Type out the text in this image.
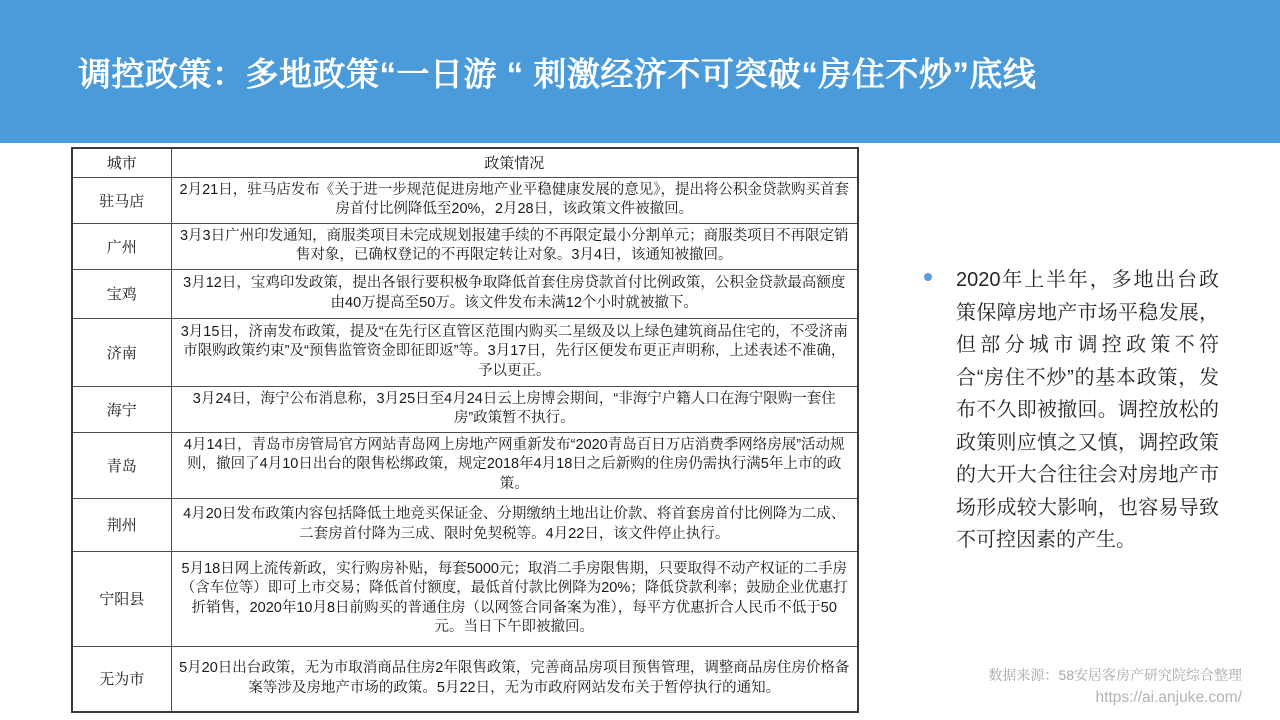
调控政策：多地政策“一日游 “ 刺激经济不可突破“房住不炒”底线
城市	政策情况
驻马店	2月21日，驻马店发布《关于进一步规范促进房地产业平稳健康发展的意见》，提出将公积金贷款购买首套房首付比例降低至20%，2月28日，该政策文件被撤回。
广州	3月3日广州印发通知，商服类项目未完成规划报建手续的不再限定最小分割单元；商服类项目不再限定销售对象，已确权登记的不再限定转让对象。3月4日，该通知被撤回。
宝鸡	3月12日，宝鸡印发政策，提出各银行要积极争取降低首套住房贷款首付比例政策，公积金贷款最高额度由40万提高至50万。该文件发布未满12个小时就被撤下。
济南	3月15日，济南发布政策，提及“在先行区直管区范围内购买二星级及以上绿色建筑商品住宅的，不受济南市限购政策约束”及“预售监管资金即征即返”等。3月17日，先行区便发布更正声明称，上述表述不准确，予以更正。
海宁	3月24日，海宁公布消息称，3月25日至4月24日云上房博会期间，“非海宁户籍人口在海宁限购一套住房”政策暂不执行。
青岛	4月14日，青岛市房管局官方网站青岛网上房地产网重新发布“2020青岛百日万店消费季网络房展”活动规则，撤回了4月10日出台的限售松绑政策，规定2018年4月18日之后新购的住房仍需执行满5年上市的政策。
荆州	4月20日发布政策内容包括降低土地竞买保证金、分期缴纳土地出让价款、将首套房首付比例降为二成、二套房首付降为三成、限时免契税等。4月22日，该文件停止执行。
宁阳县	5月18日网上流传新政，实行购房补贴，每套5000元；取消二手房限售期，只要取得不动产权证的二手房（含车位等）即可上市交易；降低首付额度，最低首付款比例降为20%；降低贷款利率；鼓励企业优惠打折销售，2020年10月8日前购买的普通住房（以网签合同备案为准），每平方优惠折合人民币不低于50元。当日下午即被撤回。
无为市	5月20日出台政策，无为市取消商品住房2年限售政策，完善商品房项目预售管理，调整商品房住房价格备案等涉及房地产市场的政策。5月22日，无为市政府网站发布关于暂停执行的通知。

2020年上半年，多地出台政策保障房地产市场平稳发展，但部分城市调控政策不符合“房住不炒”的基本政策，发布不久即被撤回。调控放松的政策则应慎之又慎，调控政策的大开大合往往会对房地产市场形成较大影响，也容易导致不可控因素的产生。

数据来源：58安居客房产研究院综合整理
https://ai.anjuke.com/
